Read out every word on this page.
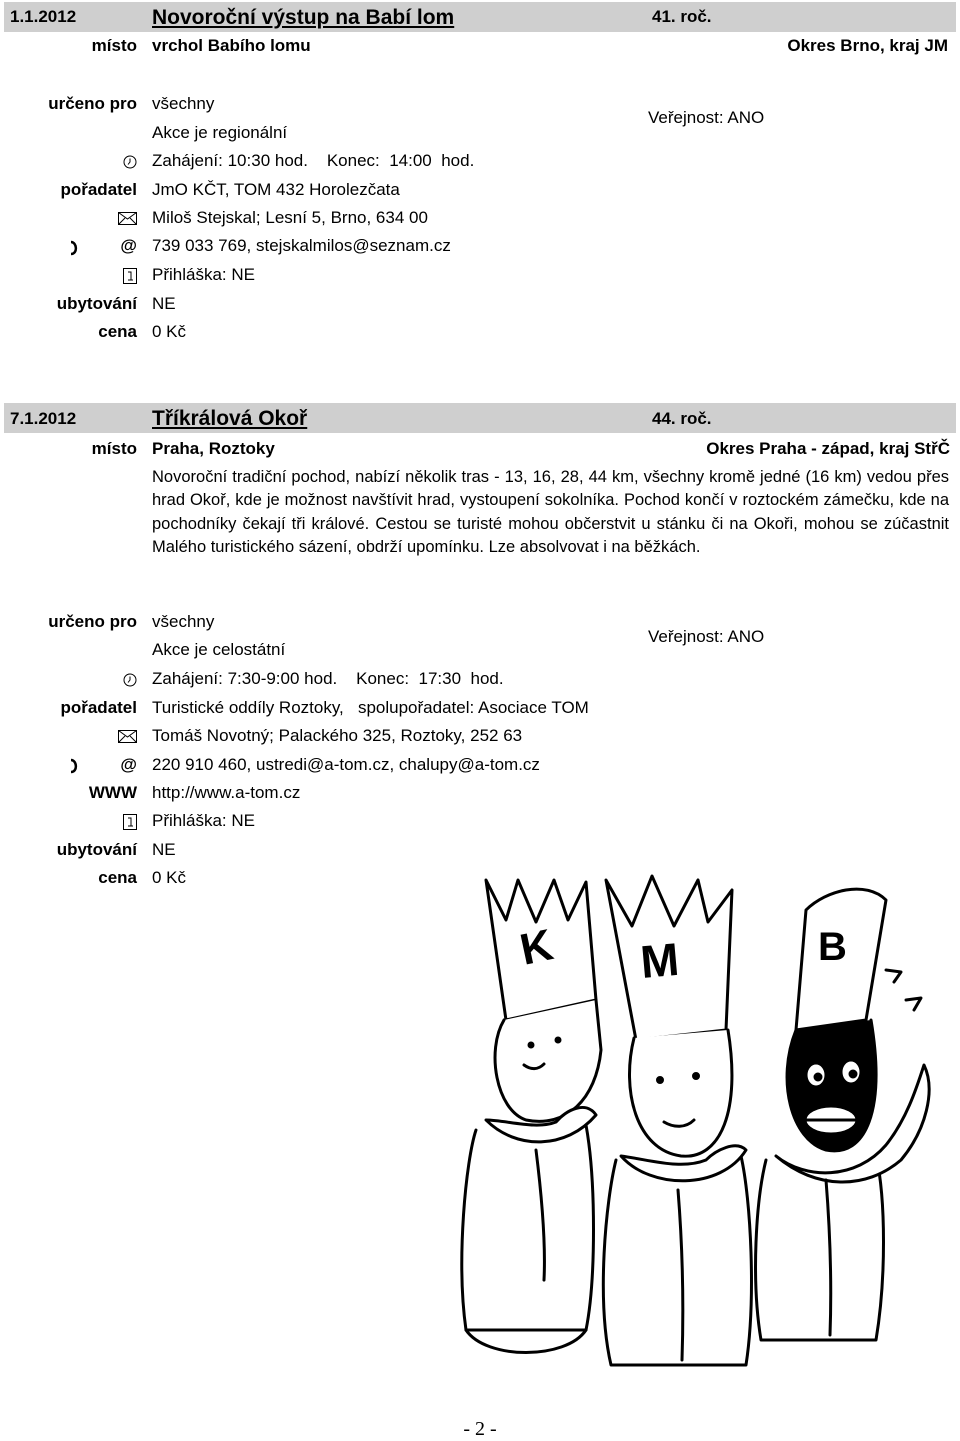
1.1.2012	Novoroční výstup na Babí lom	41. roč.
místo vrchol Babího lomu	Okres Brno, kraj JM
určeno pro všechny
Akce je regionální
Veřejnost: ANO
Zahájení: 10:30 hod.    Konec:  14:00  hod.
pořadatel JmO KČT, TOM 432 Horolezčata
Miloš Stejskal; Lesní 5, Brno, 634 00
@ 739 033 769, stejskalmilos@seznam.cz
Přihláška: NE
ubytování NE
cena 0 Kč
7.1.2012	Tříkrálová Okoř	44. roč.
místo Praha, Roztoky	Okres Praha - západ, kraj StřČ
Novoroční tradiční pochod, nabízí několik tras - 13, 16, 28, 44 km, všechny kromě jedné (16 km) vedou přes hrad Okoř, kde je možnost navštívit hrad, vystoupení sokolníka. Pochod končí v roztockém zámečku, kde na pochodníky čekají tři králové. Cestou se turisté mohou občerstvit u stánku či na Okoři, mohou se zúčastnit Malého turistického sázení, obdrží upomínku. Lze absolvovat i na běžkách.
určeno pro všechny
Akce je celostátní
Veřejnost: ANO
Zahájení: 7:30-9:00 hod.    Konec:  17:30  hod.
pořadatel Turistické oddíly Roztoky,   spolupořadatel: Asociace TOM
Tomáš Novotný; Palackého 325, Roztoky, 252 63
@ 220 910 460, ustredi@a-tom.cz, chalupy@a-tom.cz
WWW http://www.a-tom.cz
Přihláška: NE
ubytování NE
cena 0 Kč
K M	B
- 2 -
